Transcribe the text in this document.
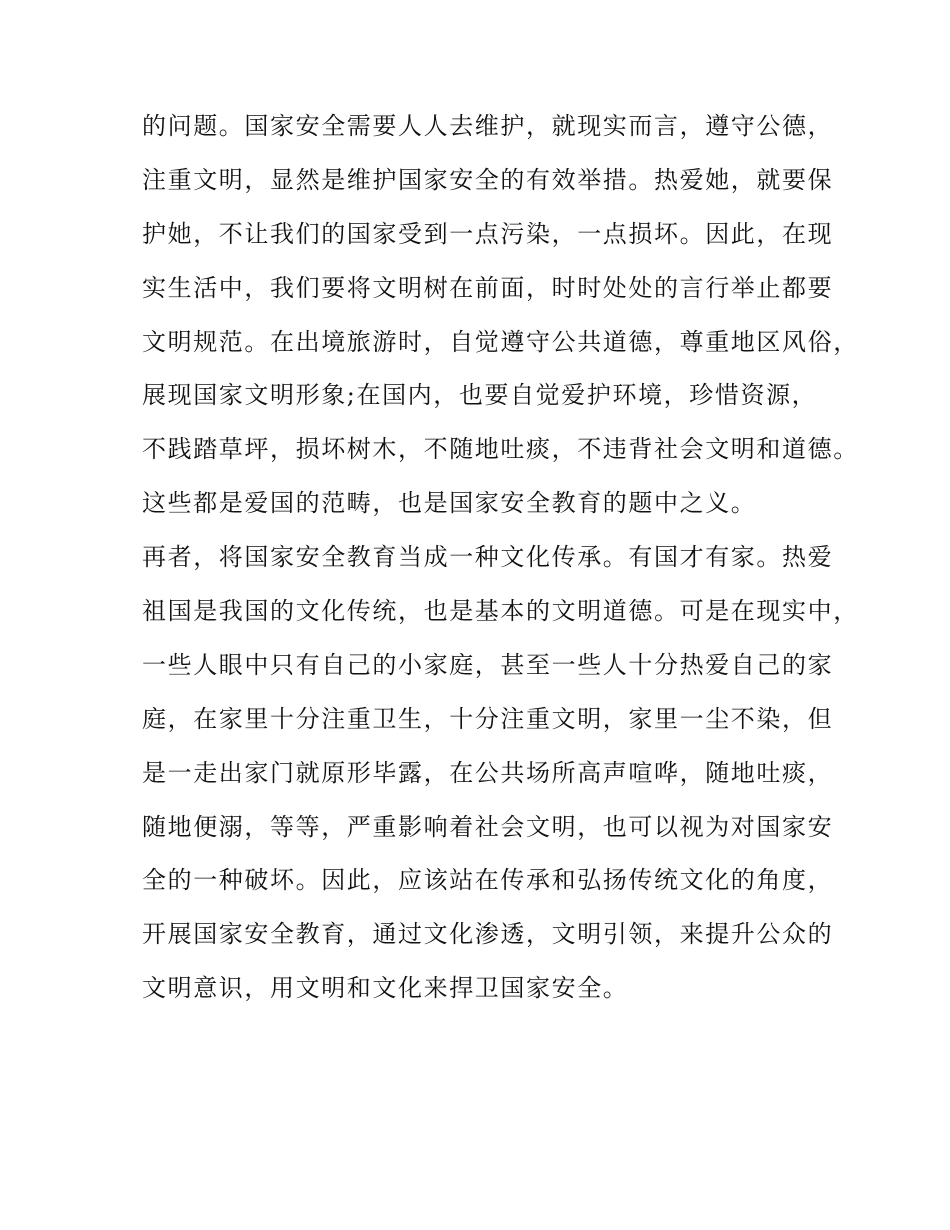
的问题。国家安全需要人人去维护，就现实而言，遵守公德，
注重文明，显然是维护国家安全的有效举措。热爱她，就要保
护她，不让我们的国家受到一点污染，一点损坏。因此，在现
实生活中，我们要将文明树在前面，时时处处的言行举止都要
文明规范。在出境旅游时，自觉遵守公共道德，尊重地区风俗，
展现国家文明形象;在国内，也要自觉爱护环境，珍惜资源，
不践踏草坪，损坏树木，不随地吐痰，不违背社会文明和道德。
这些都是爱国的范畴，也是国家安全教育的题中之义。
再者，将国家安全教育当成一种文化传承。有国才有家。热爱
祖国是我国的文化传统，也是基本的文明道德。可是在现实中，
一些人眼中只有自己的小家庭，甚至一些人十分热爱自己的家
庭，在家里十分注重卫生，十分注重文明，家里一尘不染，但
是一走出家门就原形毕露，在公共场所高声喧哗，随地吐痰，
随地便溺，等等，严重影响着社会文明，也可以视为对国家安
全的一种破坏。因此，应该站在传承和弘扬传统文化的角度，
开展国家安全教育，通过文化渗透，文明引领，来提升公众的
文明意识，用文明和文化来捍卫国家安全。
